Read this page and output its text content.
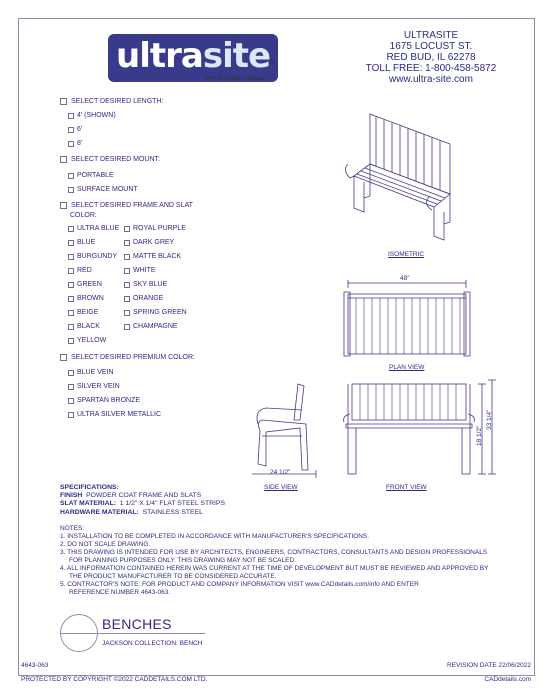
ultrasite
TM
A PLAYCORE Company
ULTRASITE
1675 LOCUST ST.
RED BUD, IL 62278
TOLL FREE: 1-800-458-5872
www.ultra-site.com
SELECT DESIRED LENGTH:
4' (SHOWN)
6'
8'
SELECT DESIRED MOUNT:
PORTABLE
SURFACE MOUNT
SELECT DESIRED FRAME AND SLAT
COLOR:
ULTRA BLUE
BLUE
BURGUNDY
RED
GREEN
BROWN
BEIGE
BLACK
YELLOW
ROYAL PURPLE
DARK GREY
MATTE BLACK
WHITE
SKY BLUE
ORANGE
SPRING GREEN
CHAMPAGNE
SELECT DESIRED PREMIUM COLOR:
BLUE VEIN
SILVER VEIN
SPARTAN BRONZE
ULTRA SILVER METALLIC
ISOMETRIC
48"
PLAN VIEW
24 1/2"
SIDE VIEW
18 1/2"
33 1/4"
FRONT VIEW
SPECIFICATIONS:
FINISH POWDER COAT FRAME AND SLATS
SLAT MATERIAL: 1 1/2" X 1/4" FLAT STEEL STRIPS
HARDWARE MATERIAL: STAINLESS STEEL
NOTES:
1. INSTALLATION TO BE COMPLETED IN ACCORDANCE WITH MANUFACTURER'S SPECIFICATIONS.
2. DO NOT SCALE DRAWING.
3. THIS DRAWING IS INTENDED FOR USE BY ARCHITECTS, ENGINEERS, CONTRACTORS, CONSULTANTS AND DESIGN PROFESSIONALS
FOR PLANNING PURPOSES ONLY. THIS DRAWING MAY NOT BE SCALED.
4. ALL INFORMATION CONTAINED HEREIN WAS CURRENT AT THE TIME OF DEVELOPMENT BUT MUST BE REVIEWED AND APPROVED BY
THE PRODUCT MANUFACTURER TO BE CONSIDERED ACCURATE.
5. CONTRACTOR'S NOTE: FOR PRODUCT AND COMPANY INFORMATION VISIT www.CADdetails.com/info AND ENTER
REFERENCE NUMBER 4643-063.
BENCHES
JACKSON COLLECTION: BENCH
4643-063	REVISION DATE 22/06/2022
PROTECTED BY COPYRIGHT ©2022 CADDETAILS.COM LTD.	CADdetails.com
